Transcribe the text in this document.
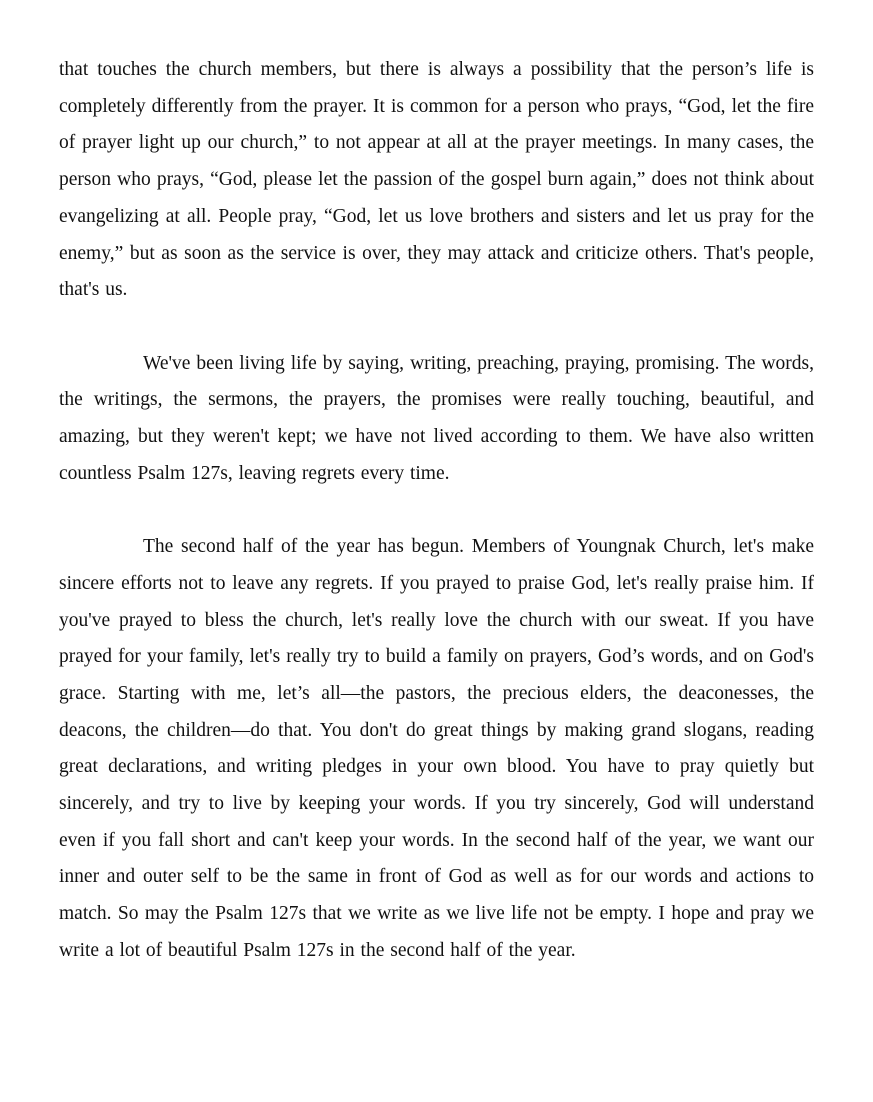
that touches the church members, but there is always a possibility that the person’s life is completely differently from the prayer. It is common for a person who prays, “God, let the fire of prayer light up our church,” to not appear at all at the prayer meetings. In many cases, the person who prays, “God, please let the passion of the gospel burn again,” does not think about evangelizing at all. People pray, “God, let us love brothers and sisters and let us pray for the enemy,” but as soon as the service is over, they may attack and criticize others. That's people, that's us.

We've been living life by saying, writing, preaching, praying, promising. The words, the writings, the sermons, the prayers, the promises were really touching, beautiful, and amazing, but they weren't kept; we have not lived according to them. We have also written countless Psalm 127s, leaving regrets every time.

The second half of the year has begun. Members of Youngnak Church, let's make sincere efforts not to leave any regrets. If you prayed to praise God, let's really praise him. If you've prayed to bless the church, let's really love the church with our sweat. If you have prayed for your family, let's really try to build a family on prayers, God’s words, and on God's grace. Starting with me, let’s all—the pastors, the precious elders, the deaconesses, the deacons, the children—do that. You don't do great things by making grand slogans, reading great declarations, and writing pledges in your own blood. You have to pray quietly but sincerely, and try to live by keeping your words. If you try sincerely, God will understand even if you fall short and can't keep your words. In the second half of the year, we want our inner and outer self to be the same in front of God as well as for our words and actions to match. So may the Psalm 127s that we write as we live life not be empty. I hope and pray we write a lot of beautiful Psalm 127s in the second half of the year.
